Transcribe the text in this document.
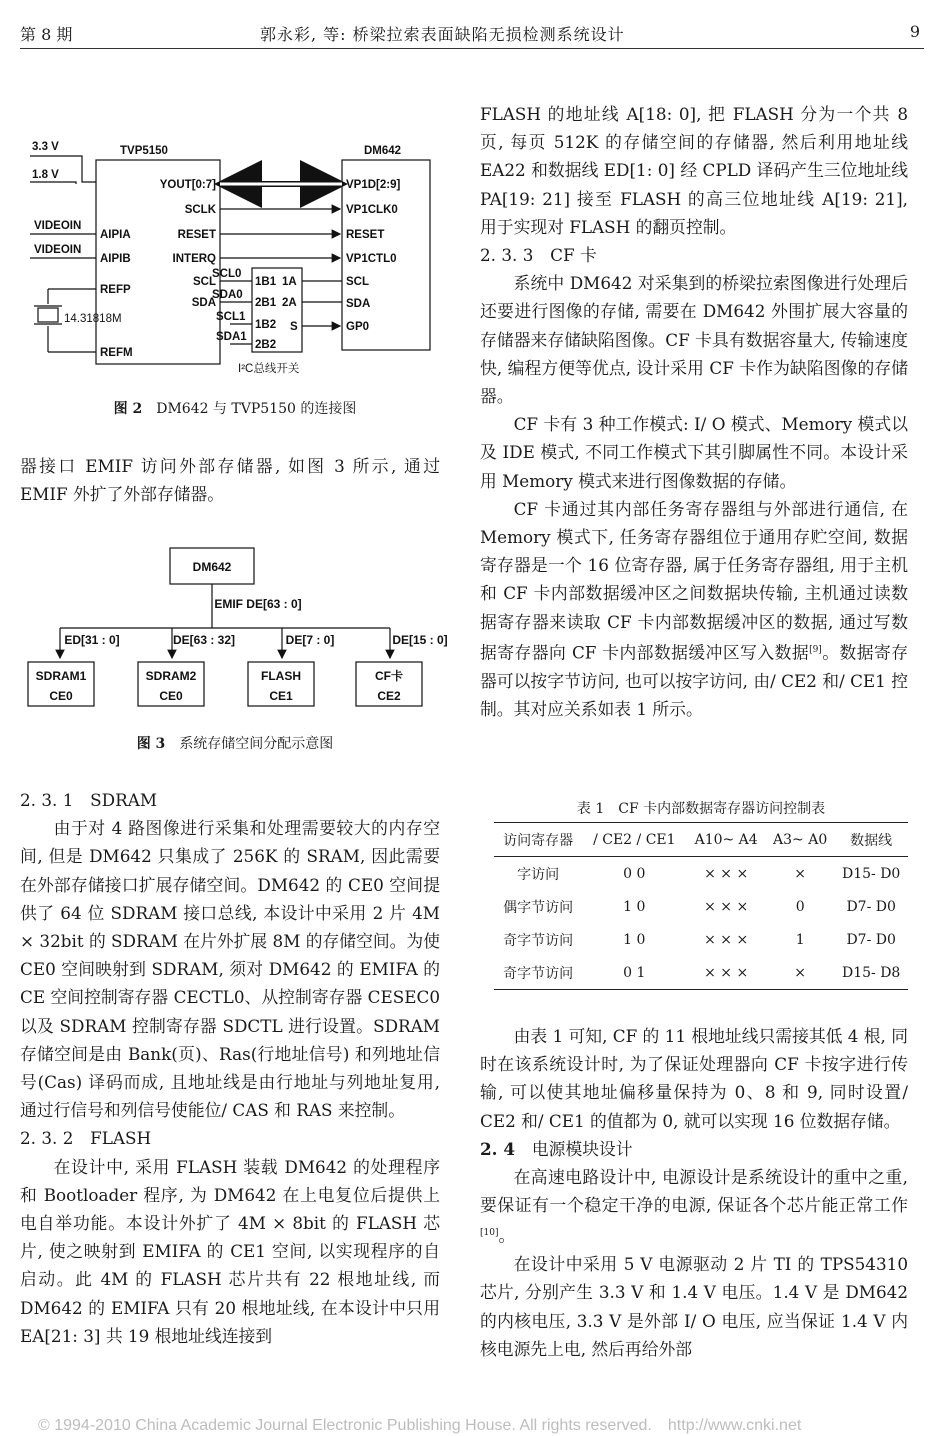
第 8 期	郭永彩, 等: 桥梁拉索表面缺陷无损检测系统设计	9
3.3 V
1.8 V
VIDEOIN
VIDEOIN
14.31818M
TVP5150	DM642
YOUT[0:7]
SCLK
RESET
INTERQ
SCL
SDA
AIPIA
AIPIB
REFP
REFM
VP1D[2:9]
VP1CLK0
RESET
VP1CTL0
SCL
SDA
GP0
SCL0
SDA0
SCL1
SDA1
1B1
2B1
1B2
2B2
1A
2A
S
I²C总线开关
图 2　 DM642 与 TVP5150 的连接图

器接口 EMIF 访问外部存储器, 如图 3 所示, 通过 EMIF 外扩了外部存储器。

DM642
EMIF DE[63 : 0]
ED[31 : 0]	DE[63 : 32]	DE[7 : 0]	DE[15 : 0]
SDRAM1
CE0
SDRAM2
CE0
FLASH
CE1
CF卡
CE2
图 3　 系统存储空间分配示意图

2. 3. 1　SDRAM

由于对 4 路图像进行采集和处理需要较大的内存空间, 但是 DM642 只集成了 256K 的 SRAM, 因此需要在外部存储接口扩展存储空间。DM642 的 CE0 空间提供了 64 位 SDRAM 接口总线, 本设计中采用 2 片 4M × 32bit 的 SDRAM 在片外扩展 8M 的存储空间。为使 CE0 空间映射到 SDRAM, 须对 DM642 的 EMIFA 的 CE 空间控制寄存器 CECTL0、从控制寄存器 CESEC0 以及 SDRAM 控制寄存器 SDCTL 进行设置。SDRAM 存储空间是由 Bank(页)、Ras(行地址信号) 和列地址信号(Cas) 译码而成, 且地址线是由行地址与列地址复用, 通过行信号和列信号使能位/ CAS 和 RAS 来控制。

2. 3. 2　FLASH

在设计中, 采用 FLASH 装载 DM642 的处理程序和 Bootloader 程序, 为 DM642 在上电复位后提供上电自举功能。本设计外扩了 4M × 8bit 的 FLASH 芯片, 使之映射到 EMIFA 的 CE1 空间, 以实现程序的自启动。此 4M 的 FLASH 芯片共有 22 根地址线, 而 DM642 的 EMIFA 只有 20 根地址线, 在本设计中只用 EA[21: 3] 共 19 根地址线连接到

FLASH 的地址线 A[18: 0], 把 FLASH 分为一个共 8 页, 每页 512K 的存储空间的存储器, 然后利用地址线 EA22 和数据线 ED[1: 0] 经 CPLD 译码产生三位地址线 PA[19: 21] 接至 FLASH 的高三位地址线 A[19: 21], 用于实现对 FLASH 的翻页控制。

2. 3. 3　CF 卡

系统中 DM642 对采集到的桥梁拉索图像进行处理后还要进行图像的存储, 需要在 DM642 外围扩展大容量的存储器来存储缺陷图像。CF 卡具有数据容量大, 传输速度快, 编程方便等优点, 设计采用 CF 卡作为缺陷图像的存储器。

CF 卡有 3 种工作模式: I/ O 模式、Memory 模式以及 IDE 模式, 不同工作模式下其引脚属性不同。本设计采用 Memory 模式来进行图像数据的存储。

CF 卡通过其内部任务寄存器组与外部进行通信, 在 Memory 模式下, 任务寄存器组位于通用存贮空间, 数据寄存器是一个 16 位寄存器, 属于任务寄存器组, 用于主机和 CF 卡内部数据缓冲区之间数据块传输, 主机通过读数据寄存器来读取 CF 卡内部数据缓冲区的数据, 通过写数据寄存器向 CF 卡内部数据缓冲区写入数据[9]。数据寄存器可以按字节访问, 也可以按字访问, 由/ CE2 和/ CE1 控制。其对应关系如表 1 所示。

表 1　CF 卡内部数据寄存器访问控制表
访问寄存器	/ CE2 / CE1	A10~ A4	A3~ A0	数据线
字访问	0 0	× × ×	×	D15- D0
偶字节访问	1 0	× × ×	0	D7- D0
奇字节访问	1 0	× × ×	1	D7- D0
奇字节访问	0 1	× × ×	×	D15- D8

由表 1 可知, CF 的 11 根地址线只需接其低 4 根, 同时在该系统设计时, 为了保证处理器向 CF 卡按字进行传输, 可以使其地址偏移量保持为 0、8 和 9, 同时设置/ CE2 和/ CE1 的值都为 0, 就可以实现 16 位数据存储。

2. 4　 电源模块设计

在高速电路设计中, 电源设计是系统设计的重中之重, 要保证有一个稳定干净的电源, 保证各个芯片能正常工作[10]。

在设计中采用 5 V 电源驱动 2 片 TI 的 TPS54310 芯片, 分别产生 3.3 V 和 1.4 V 电压。1.4 V 是 DM642 的内核电压, 3.3 V 是外部 I/ O 电压, 应当保证 1.4 V 内核电源先上电, 然后再给外部

© 1994-2010 China Academic Journal Electronic Publishing House. All rights reserved.　http://www.cnki.net
